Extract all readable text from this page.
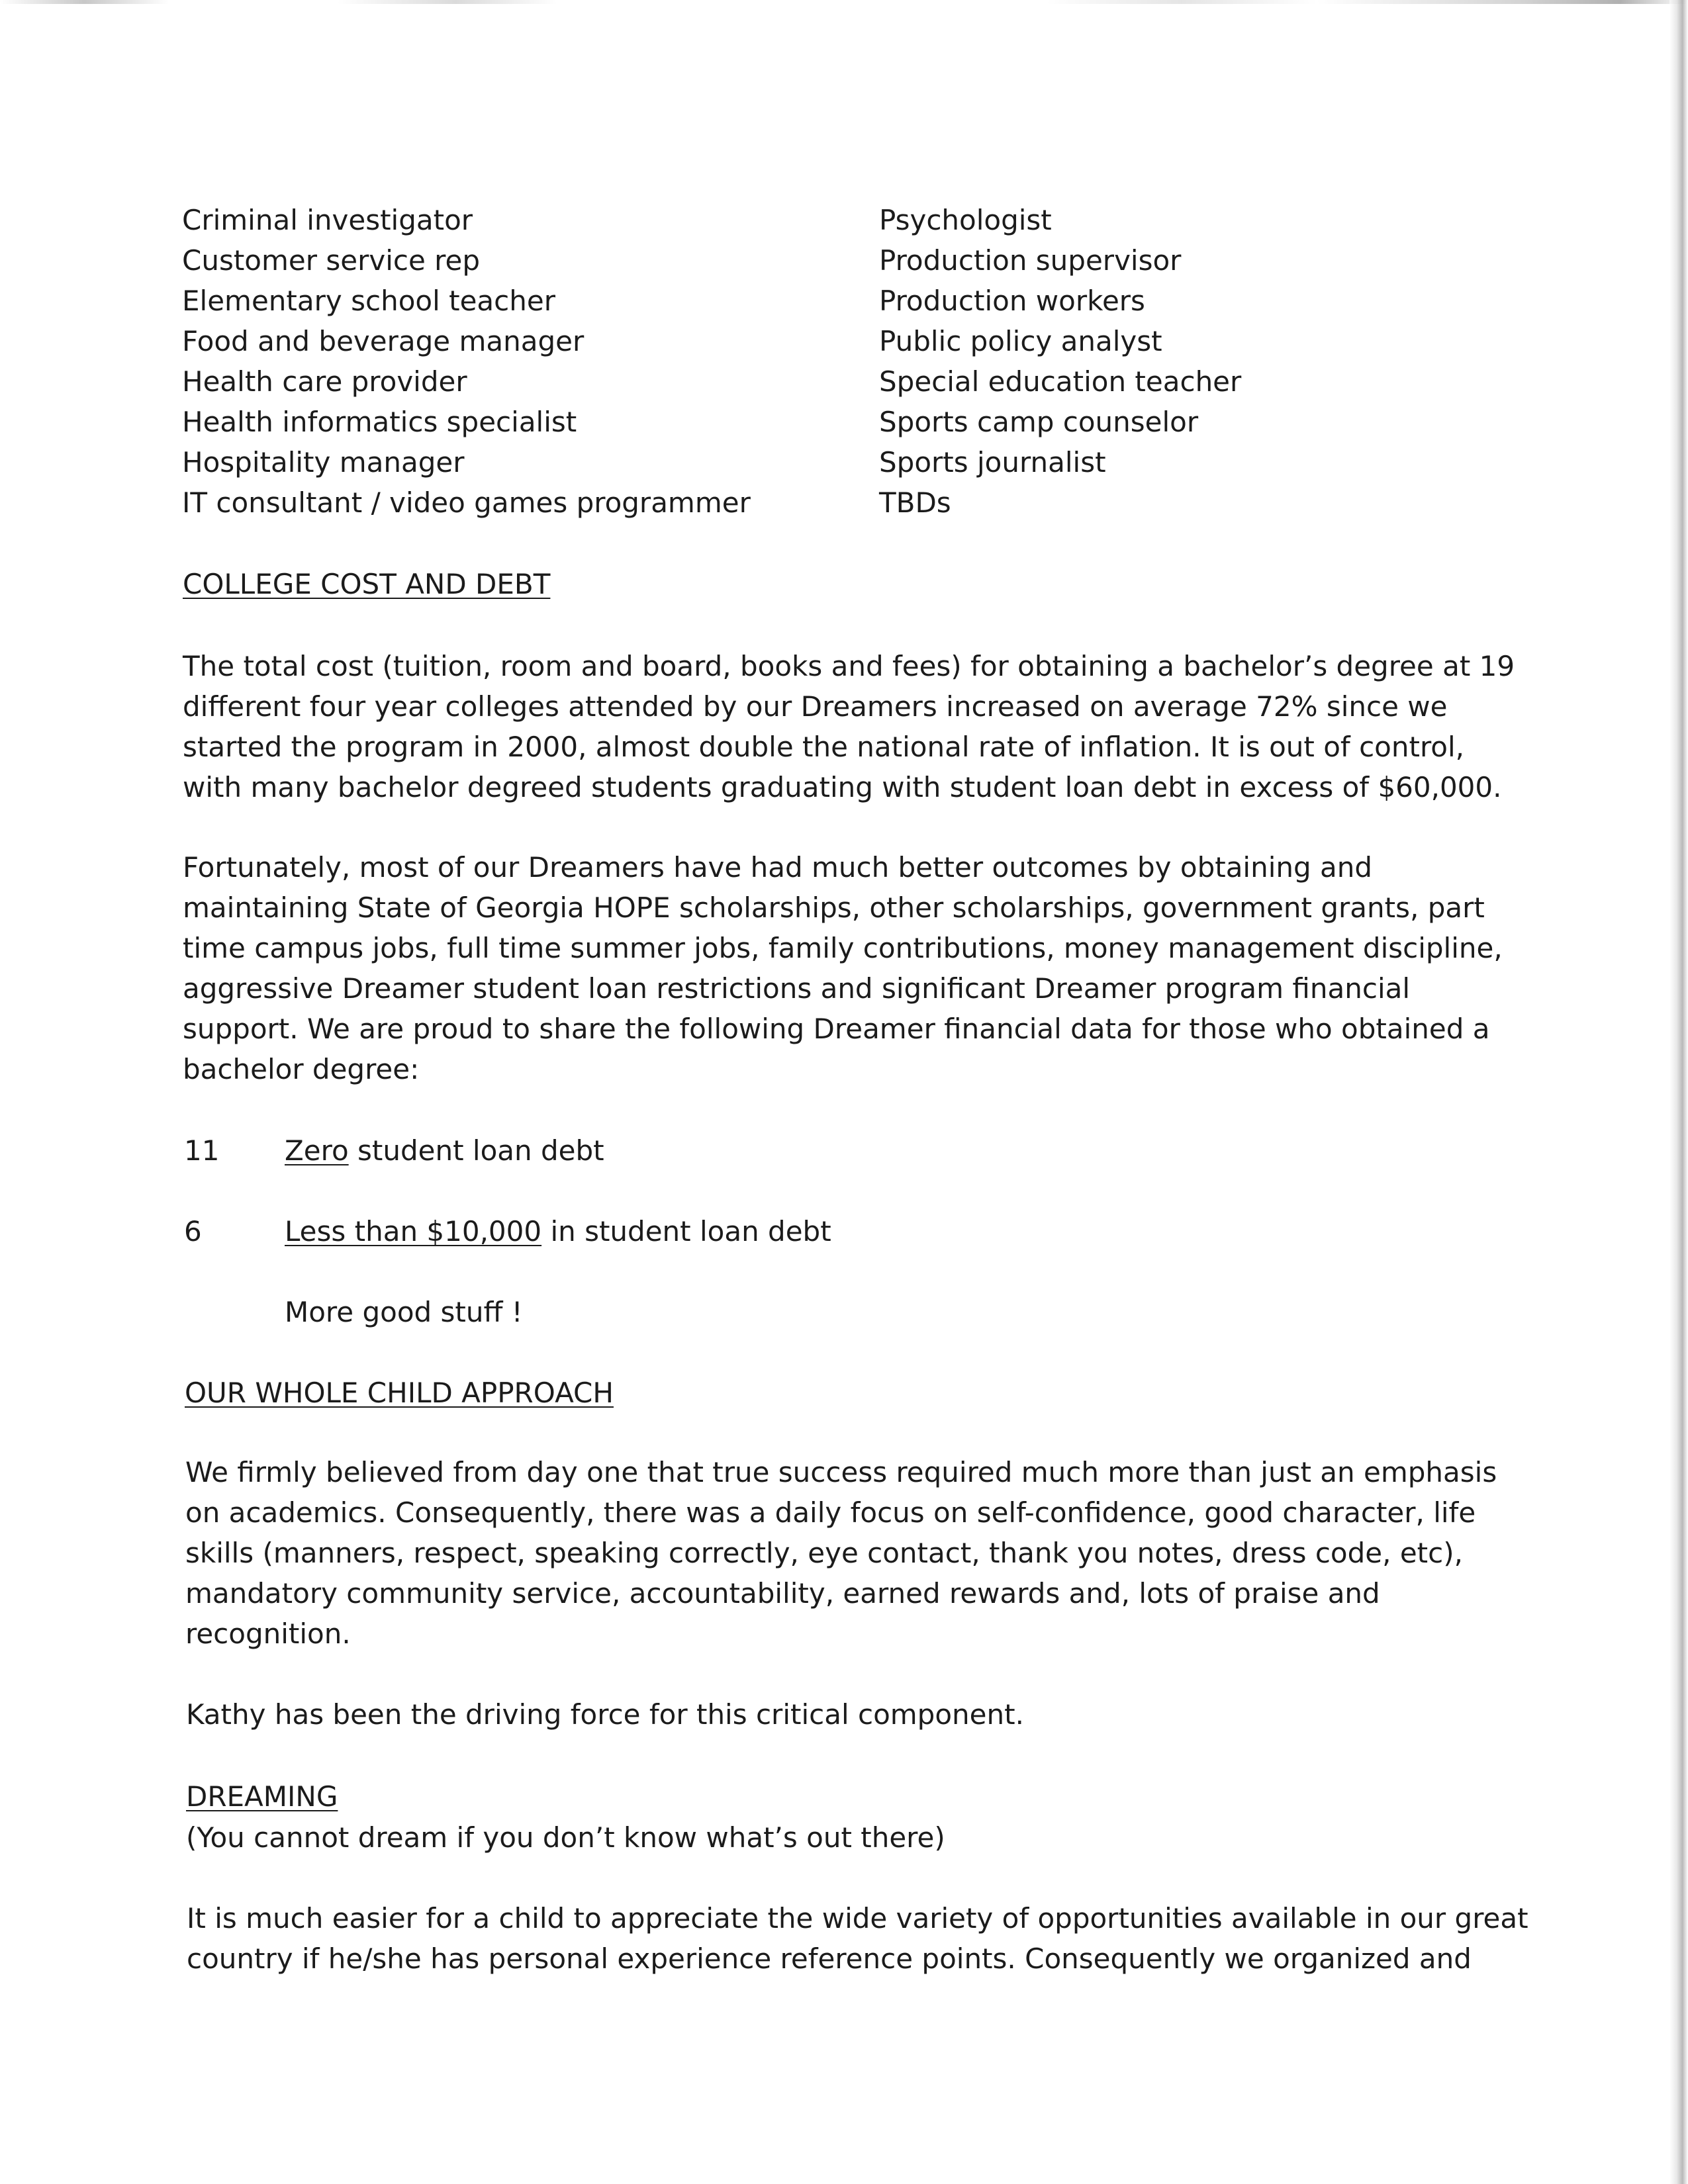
Criminal investigator
Customer service rep
Elementary school teacher
Food and beverage manager
Health care provider
Health informatics specialist
Hospitality manager
IT consultant / video games programmer
Psychologist
Production supervisor
Production workers
Public policy analyst
Special education teacher
Sports camp counselor
Sports journalist
TBDs
COLLEGE COST AND DEBT

The total cost (tuition, room and board, books and fees) for obtaining a bachelor’s degree at 19
different four year colleges attended by our Dreamers increased on average 72% since we
started the program in 2000, almost double the national rate of inflation. It is out of control,
with many bachelor degreed students graduating with student loan debt in excess of $60,000.

Fortunately, most of our Dreamers have had much better outcomes by obtaining and
maintaining State of Georgia HOPE scholarships, other scholarships, government grants, part
time campus jobs, full time summer jobs, family contributions, money management discipline,
aggressive Dreamer student loan restrictions and significant Dreamer program financial
support. We are proud to share the following Dreamer financial data for those who obtained a
bachelor degree:

11 Zero student loan debt
6	Less than $10,000 in student loan debt
More good stuff !
OUR WHOLE CHILD APPROACH

We firmly believed from day one that true success required much more than just an emphasis
on academics. Consequently, there was a daily focus on self-confidence, good character, life
skills (manners, respect, speaking correctly, eye contact, thank you notes, dress code, etc),
mandatory community service, accountability, earned rewards and, lots of praise and
recognition.

Kathy has been the driving force for this critical component.
DREAMING
(You cannot dream if you don’t know what’s out there)

It is much easier for a child to appreciate the wide variety of opportunities available in our great
country if he/she has personal experience reference points. Consequently we organized and
